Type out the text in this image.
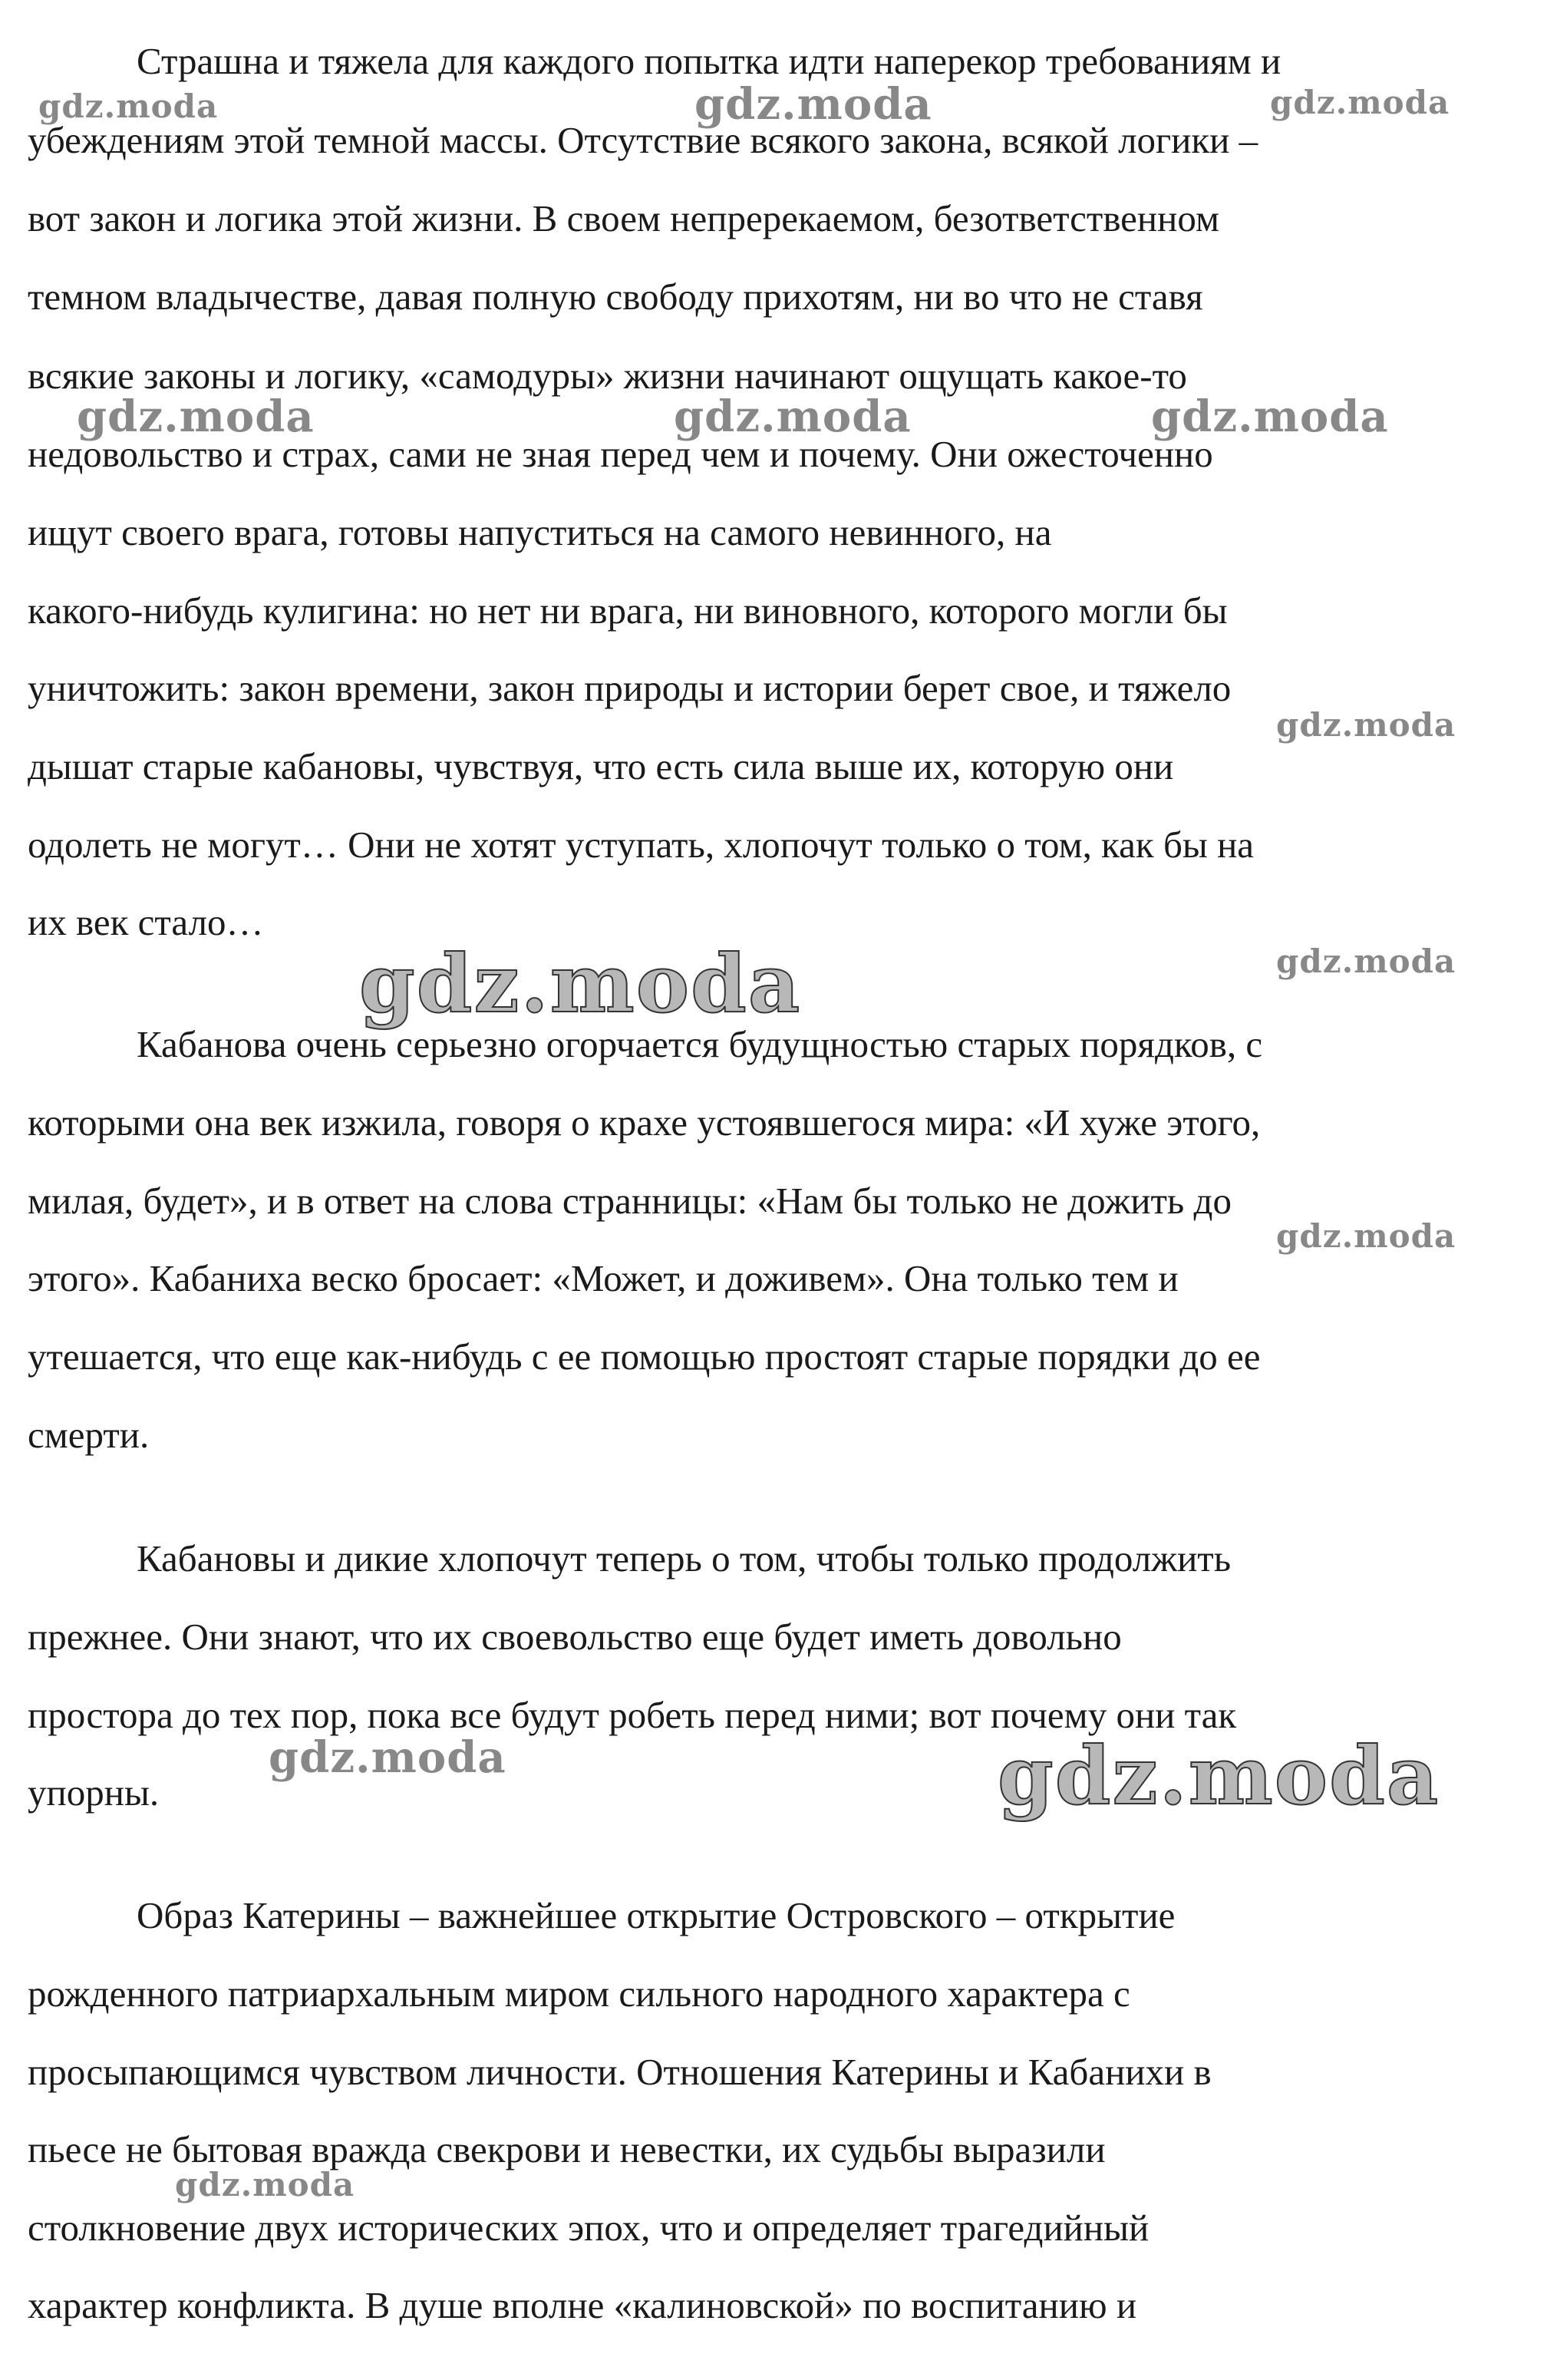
Страшна и тяжела для каждого попытка идти наперекор требованиям и
убеждениям этой темной массы. Отсутствие всякого закона, всякой логики –
вот закон и логика этой жизни. В своем непререкаемом, безответственном
темном владычестве, давая полную свободу прихотям, ни во что не ставя
всякие законы и логику, «самодуры» жизни начинают ощущать какое-то
недовольство и страх, сами не зная перед чем и почему. Они ожесточенно
ищут своего врага, готовы напуститься на самого невинного, на
какого-нибудь кулигина: но нет ни врага, ни виновного, которого могли бы
уничтожить: закон времени, закон природы и истории берет свое, и тяжело
дышат старые кабановы, чувствуя, что есть сила выше их, которую они
одолеть не могут… Они не хотят уступать, хлопочут только о том, как бы на
их век стало…
Кабанова очень серьезно огорчается будущностью старых порядков, с
которыми она век изжила, говоря о крахе устоявшегося мира: «И хуже этого,
милая, будет», и в ответ на слова странницы: «Нам бы только не дожить до
этого». Кабаниха веско бросает: «Может, и доживем». Она только тем и
утешается, что еще как-нибудь с ее помощью простоят старые порядки до ее
смерти.
Кабановы и дикие хлопочут теперь о том, чтобы только продолжить
прежнее. Они знают, что их своевольство еще будет иметь довольно
простора до тех пор, пока все будут робеть перед ними; вот почему они так
упорны.
Образ Катерины – важнейшее открытие Островского – открытие
рожденного патриархальным миром сильного народного характера с
просыпающимся чувством личности. Отношения Катерины и Кабанихи в
пьесе не бытовая вражда свекрови и невестки, их судьбы выразили
столкновение двух исторических эпох, что и определяет трагедийный
характер конфликта. В душе вполне «калиновской» по воспитанию и
gdz.moda	gdz.moda	gdz.moda
gdz.moda	gdz.moda	gdz.moda
gdz.moda
gdz.moda	gdz.moda
gdz.moda
gdz.moda	gdz.moda
gdz.moda
